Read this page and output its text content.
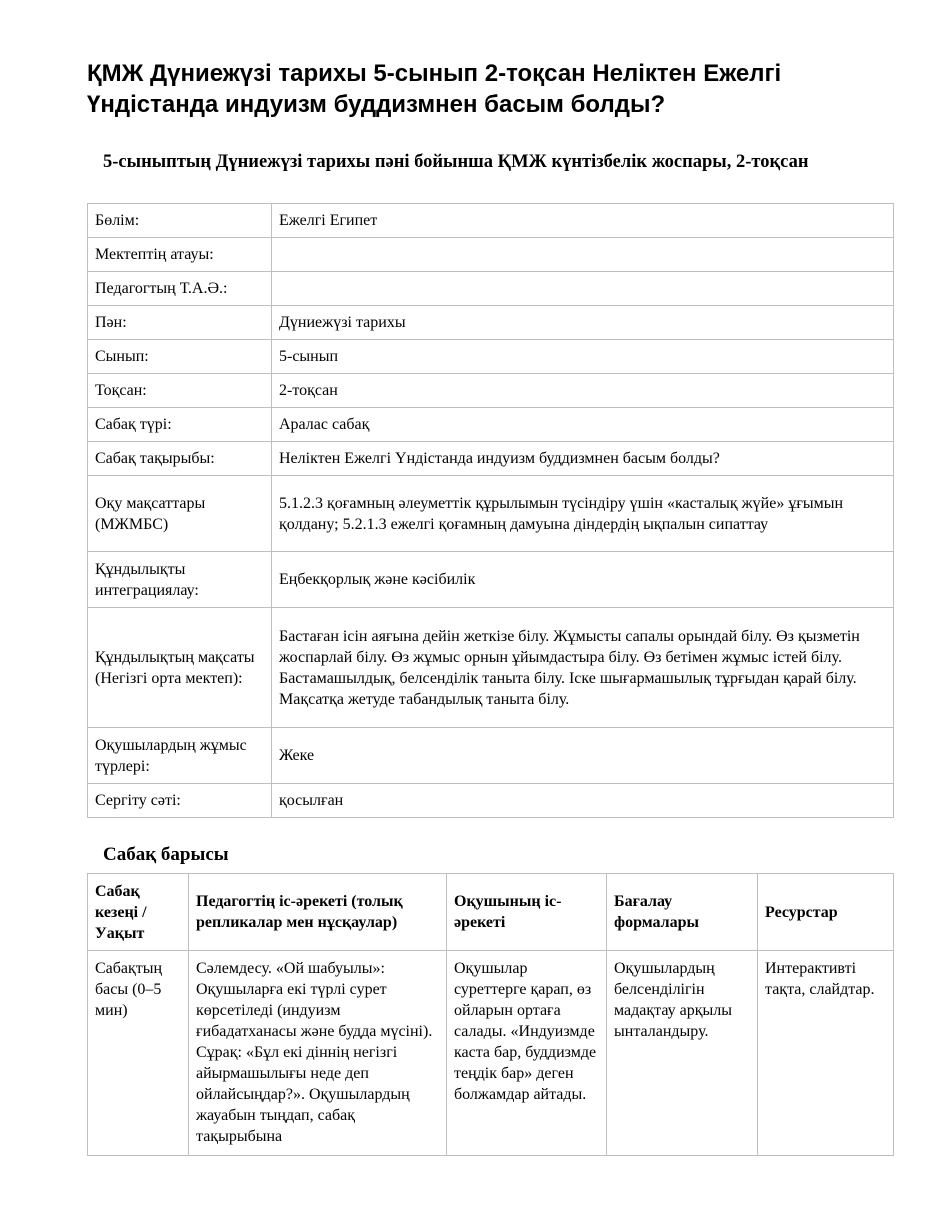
ҚМЖ Дүниежүзі тарихы 5-сынып 2-тоқсан Неліктен Ежелгі Үндістанда индуизм буддизмнен басым болды?
5-сыныптың Дүниежүзі тарихы пәні бойынша ҚМЖ күнтізбелік жоспары, 2-тоқсан
Бөлім:	Ежелгі Египет
Мектептің атауы:	
Педагогтың Т.А.Ә.:	
Пән:	Дүниежүзі тарихы
Сынып:	5-сынып
Тоқсан:	2-тоқсан
Сабақ түрі:	Аралас сабақ
Сабақ тақырыбы:	Неліктен Ежелгі Үндістанда индуизм буддизмнен басым болды?
Оқу мақсаттары (МЖМБС)	5.1.2.3 қоғамның әлеуметтік құрылымын түсіндіру үшін «касталық жүйе» ұғымын қолдану; 5.2.1.3 ежелгі қоғамның дамуына діндердің ықпалын сипаттау
Құндылықты интеграциялау:	Еңбекқорлық және кәсібилік
Құндылықтың мақсаты (Негізгі орта мектеп):	Бастаған ісін аяғына дейін жеткізе білу. Жұмысты сапалы орындай білу. Өз қызметін жоспарлай білу. Өз жұмыс орнын ұйымдастыра білу. Өз бетімен жұмыс істей білу. Бастамашылдық, белсенділік танытa білу. Іске шығармашылық тұрғыдан қарай білу. Мақсатқа жетуде табандылық таныта білу.
Оқушылардың жұмыс түрлері:	Жеке
Сергіту сәті:	қосылған
Сабақ барысы
Сабақ кезеңі / Уақыт	Педагогтің іс-әрекеті (толық репликалар мен нұсқаулар)	Оқушының іс-әрекеті	Бағалау формалары	Ресурстар
Сабақтың басы (0–5 мин)	Сәлемдесу. «Ой шабуылы»: Оқушыларға екі түрлі сурет көрсетіледі (индуизм ғибадатханасы және будда мүсіні). Сұрақ: «Бұл екі діннің негізгі айырмашылығы неде деп ойлайсыңдар?». Оқушылардың жауабын тыңдап, сабақ тақырыбына	Оқушылар суреттерге қарап, өз ойларын ортаға салады. «Индуизмде каста бар, буддизмде теңдік бар» деген болжамдар айтады.	Оқушылардың белсенділігін мадақтау арқылы ынталандыру.	Интерактивті тақта, слайдтар.
